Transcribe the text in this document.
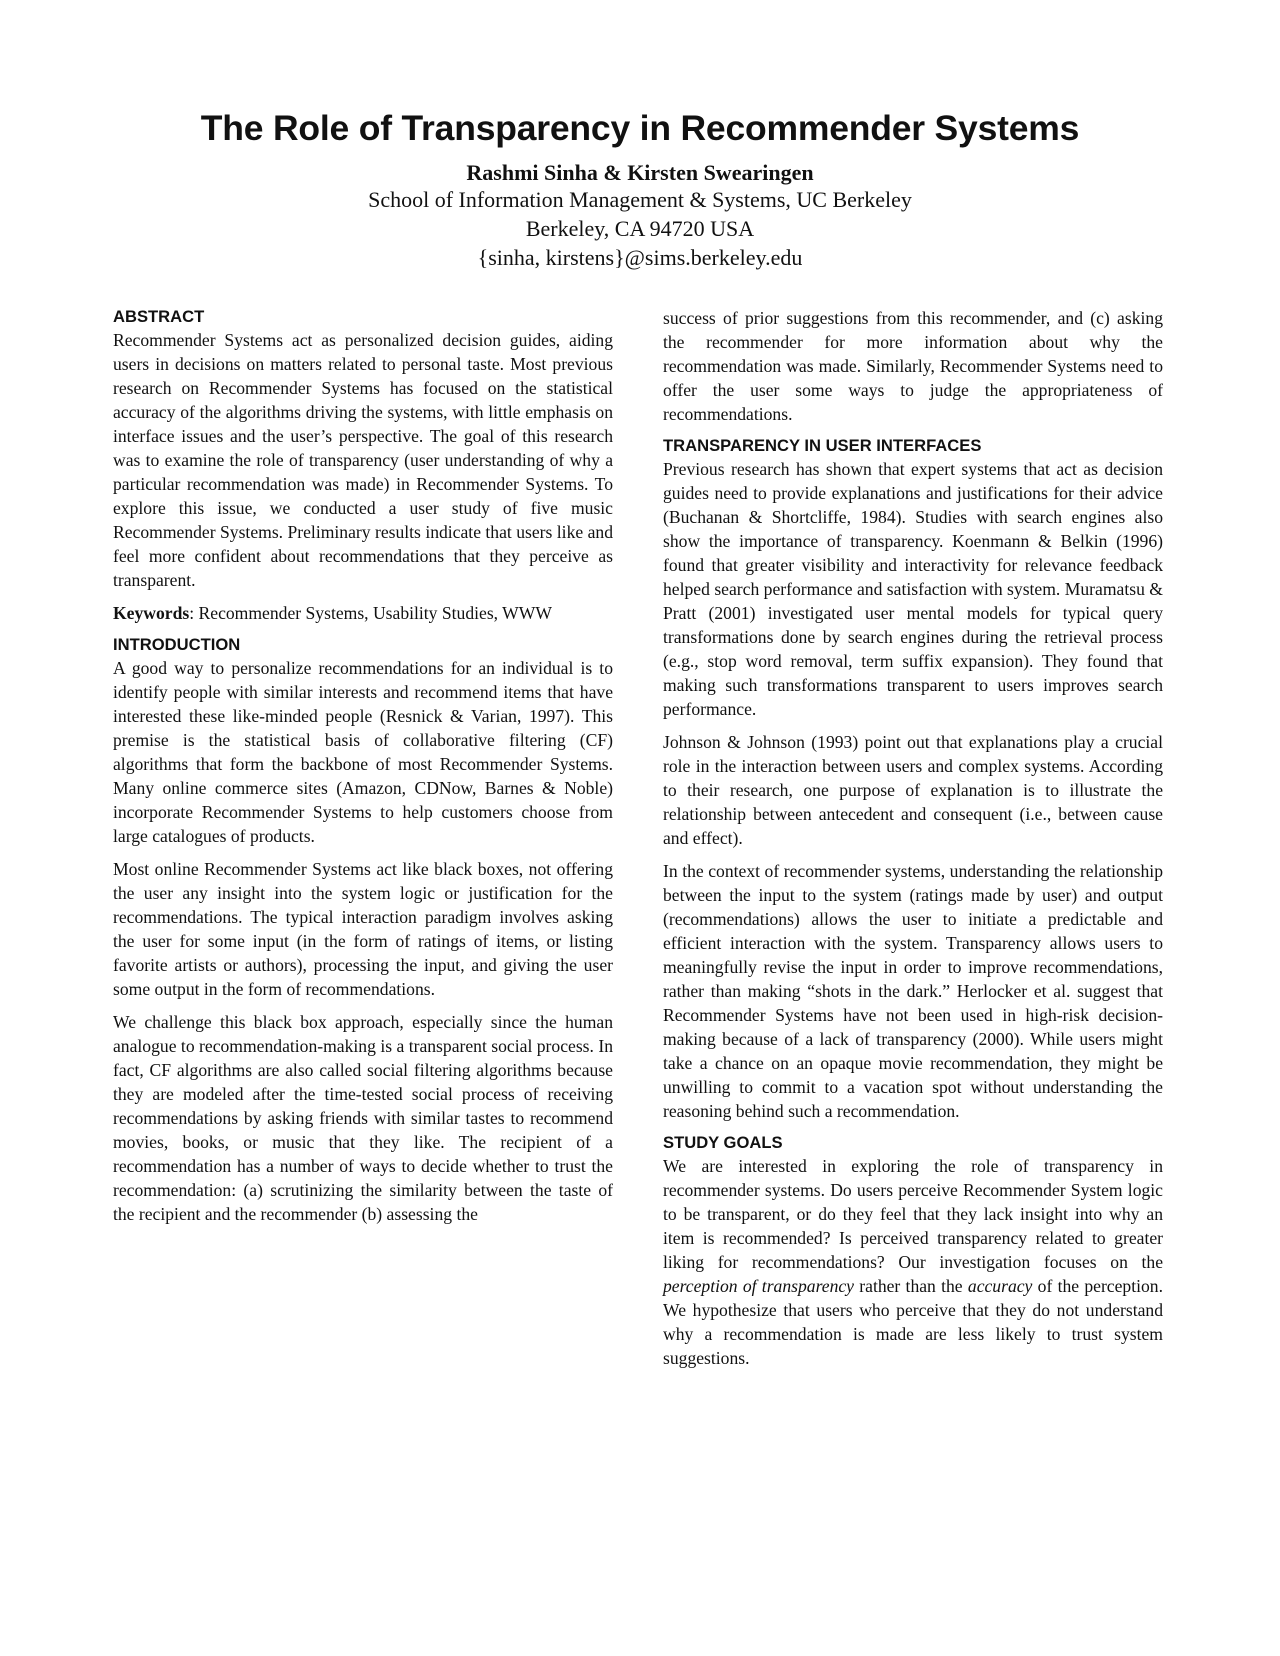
The Role of Transparency in Recommender Systems
Rashmi Sinha & Kirsten Swearingen
School of Information Management & Systems, UC Berkeley
Berkeley, CA 94720 USA
{sinha, kirstens}@sims.berkeley.edu
ABSTRACT

Recommender Systems act as personalized decision guides, aiding users in decisions on matters related to personal taste. Most previous research on Recommender Systems has focused on the statistical accuracy of the algorithms driving the systems, with little emphasis on interface issues and the user’s perspective. The goal of this research was to examine the role of transparency (user understanding of why a particular recommendation was made) in Recommender Systems. To explore this issue, we conducted a user study of five music Recommender Systems. Preliminary results indicate that users like and feel more confident about recommendations that they perceive as transparent.

Keywords: Recommender Systems, Usability Studies, WWW

INTRODUCTION

A good way to personalize recommendations for an individual is to identify people with similar interests and recommend items that have interested these like-minded people (Resnick & Varian, 1997). This premise is the statistical basis of collaborative filtering (CF) algorithms that form the backbone of most Recommender Systems. Many online commerce sites (Amazon, CDNow, Barnes & Noble) incorporate Recommender Systems to help customers choose from large catalogues of products.

Most online Recommender Systems act like black boxes, not offering the user any insight into the system logic or justification for the recommendations. The typical interaction paradigm involves asking the user for some input (in the form of ratings of items, or listing favorite artists or authors), processing the input, and giving the user some output in the form of recommendations.

We challenge this black box approach, especially since the human analogue to recommendation-making is a transparent social process. In fact, CF algorithms are also called social filtering algorithms because they are modeled after the time-tested social process of receiving recommendations by asking friends with similar tastes to recommend movies, books, or music that they like. The recipient of a recommendation has a number of ways to decide whether to trust the recommendation: (a) scrutinizing the similarity between the taste of the recipient and the recommender (b) assessing the

success of prior suggestions from this recommender, and (c) asking the recommender for more information about why the recommendation was made. Similarly, Recommender Systems need to offer the user some ways to judge the appropriateness of recommendations.

TRANSPARENCY IN USER INTERFACES

Previous research has shown that expert systems that act as decision guides need to provide explanations and justifications for their advice (Buchanan & Shortcliffe, 1984). Studies with search engines also show the importance of transparency. Koenmann & Belkin (1996) found that greater visibility and interactivity for relevance feedback helped search performance and satisfaction with system. Muramatsu & Pratt (2001) investigated user mental models for typical query transformations done by search engines during the retrieval process (e.g., stop word removal, term suffix expansion). They found that making such transformations transparent to users improves search performance.

Johnson & Johnson (1993) point out that explanations play a crucial role in the interaction between users and complex systems. According to their research, one purpose of explanation is to illustrate the relationship between antecedent and consequent (i.e., between cause and effect).

In the context of recommender systems, understanding the relationship between the input to the system (ratings made by user) and output (recommendations) allows the user to initiate a predictable and efficient interaction with the system. Transparency allows users to meaningfully revise the input in order to improve recommendations, rather than making “shots in the dark.” Herlocker et al. suggest that Recommender Systems have not been used in high-risk decision-making because of a lack of transparency (2000). While users might take a chance on an opaque movie recommendation, they might be unwilling to commit to a vacation spot without understanding the reasoning behind such a recommendation.

STUDY GOALS

We are interested in exploring the role of transparency in recommender systems. Do users perceive Recommender System logic to be transparent, or do they feel that they lack insight into why an item is recommended? Is perceived transparency related to greater liking for recommendations? Our investigation focuses on the perception of transparency rather than the accuracy of the perception. We hypothesize that users who perceive that they do not understand why a recommendation is made are less likely to trust system suggestions.
